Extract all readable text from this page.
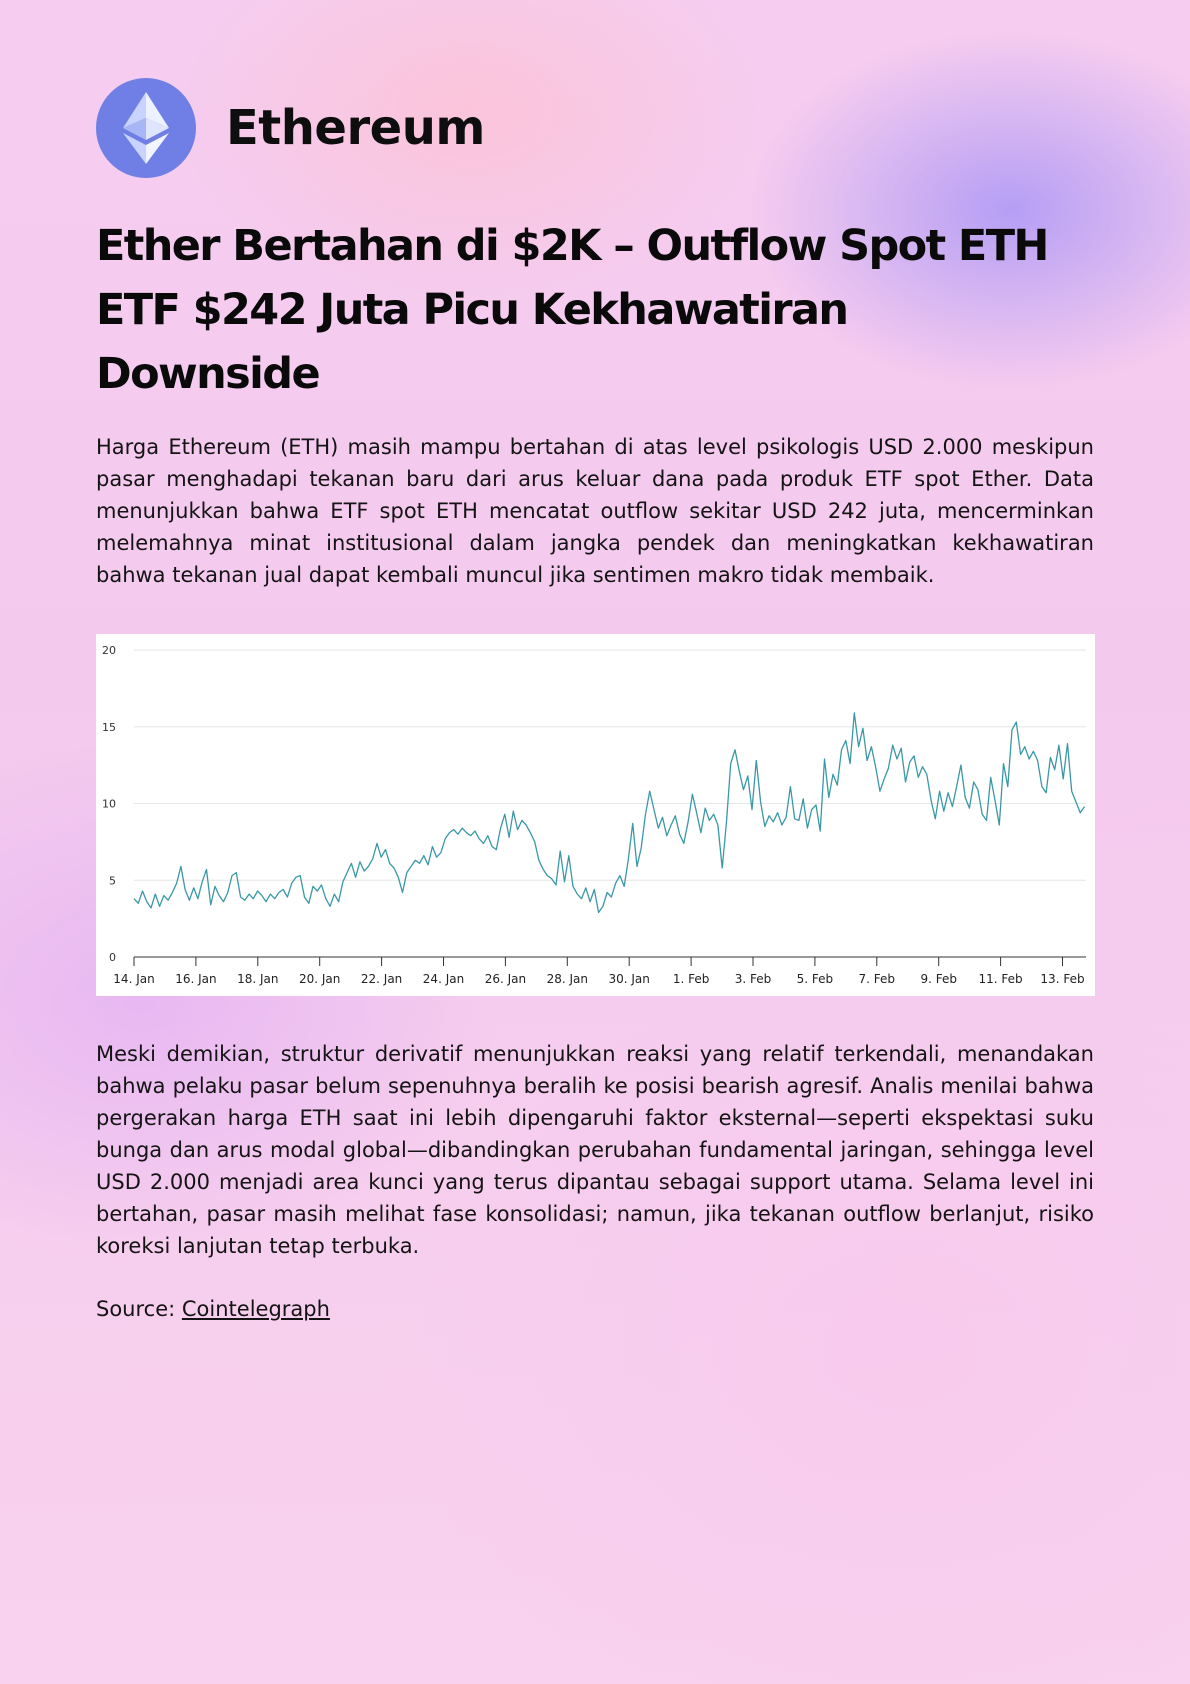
Ethereum
Ether Bertahan di $2K – Outflow Spot ETH ETF $242 Juta Picu Kekhawatiran Downside

Harga Ethereum (ETH) masih mampu bertahan di atas level psikologis USD 2.000 meskipun pasar menghadapi tekanan baru dari arus keluar dana pada produk ETF spot Ether. Data menunjukkan bahwa ETF spot ETH mencatat outflow sekitar USD 242 juta, mencerminkan melemahnya minat institusional dalam jangka pendek dan meningkatkan kekhawatiran bahwa tekanan jual dapat kembali muncul jika sentimen makro tidak membaik.

0
5
10
15
20
14. Jan 16. Jan 18. Jan 20. Jan 22. Jan 24. Jan 26. Jan 28. Jan 30. Jan 1. Feb 3. Feb 5. Feb 7. Feb 9. Feb 11. Feb 13. Feb

Meski demikian, struktur derivatif menunjukkan reaksi yang relatif terkendali, menandakan bahwa pelaku pasar belum sepenuhnya beralih ke posisi bearish agresif. Analis menilai bahwa pergerakan harga ETH saat ini lebih dipengaruhi faktor eksternal—seperti ekspektasi suku bunga dan arus modal global—dibandingkan perubahan fundamental jaringan, sehingga level USD 2.000 menjadi area kunci yang terus dipantau sebagai support utama. Selama level ini bertahan, pasar masih melihat fase konsolidasi; namun, jika tekanan outflow berlanjut, risiko koreksi lanjutan tetap terbuka.

Source: Cointelegraph
